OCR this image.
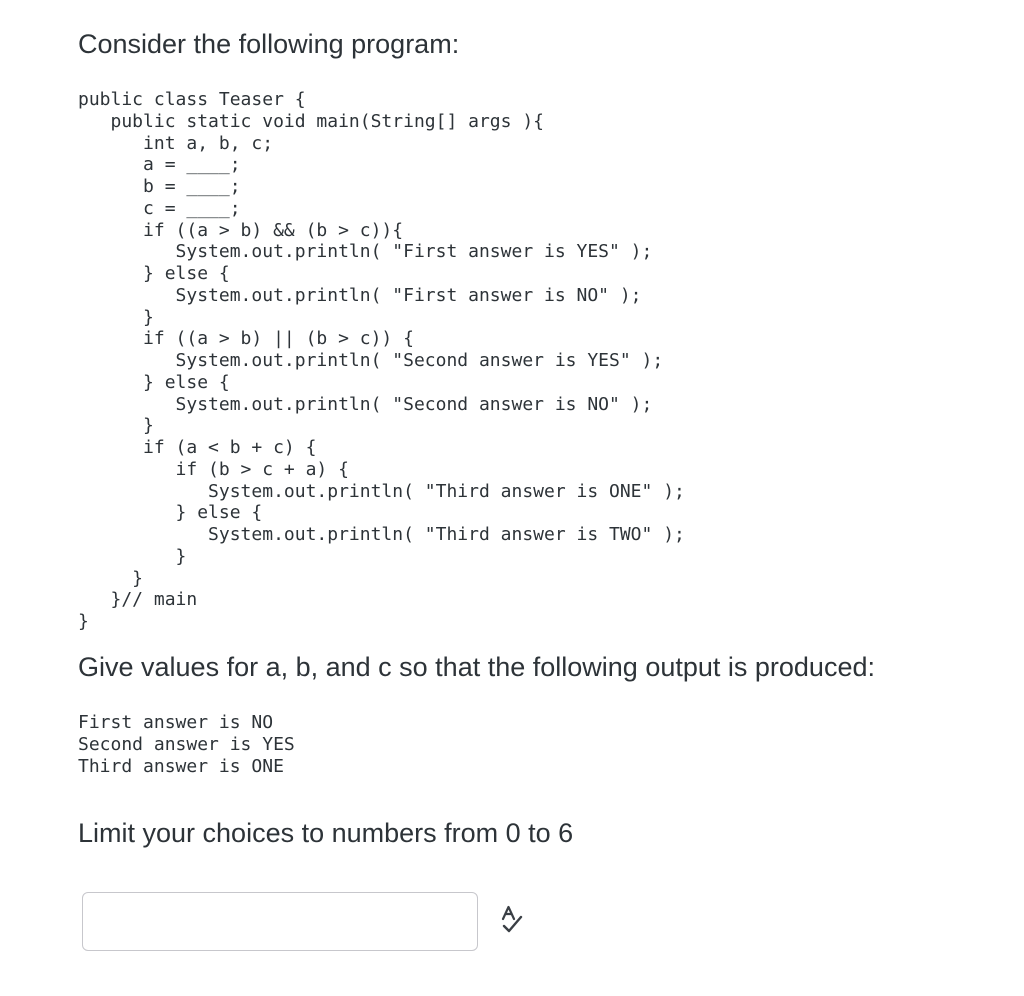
Consider the following program:
public class Teaser {
public static void main(String[] args ){
int a, b, c;
a = ____;
b = ____;
c = ____;
if ((a > b) && (b > c)){
System.out.println( "First answer is YES" );
} else {
System.out.println( "First answer is NO" );
}
if ((a > b) || (b > c)) {
System.out.println( "Second answer is YES" );
} else {
System.out.println( "Second answer is NO" );
}
if (a < b + c) {
if (b > c + a) {
System.out.println( "Third answer is ONE" );
} else {
System.out.println( "Third answer is TWO" );
}
}
}// main
}
Give values for a, b, and c so that the following output is produced:
First answer is NO
Second answer is YES
Third answer is ONE
Limit your choices to numbers from 0 to 6
